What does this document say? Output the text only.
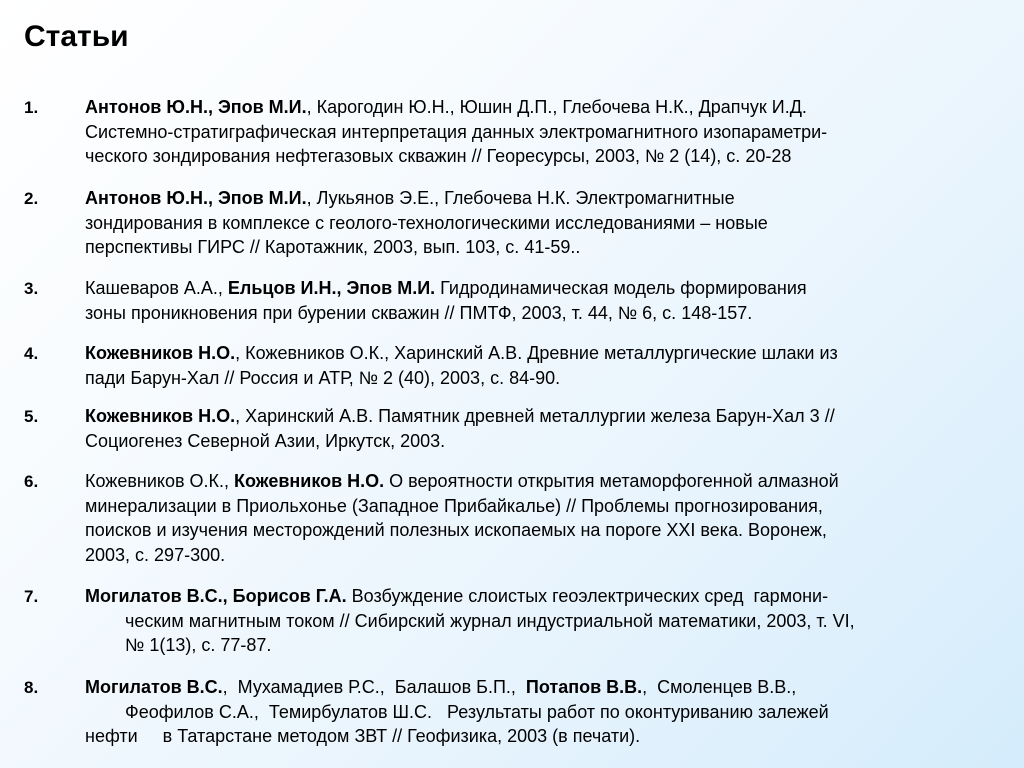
Статьи
1.	Антонов Ю.Н., Эпов М.И., Карогодин Ю.Н., Юшин Д.П., Глебочева Н.К., Драпчук И.Д.
Системно-стратиграфическая интерпретация данных электромагнитного изопараметри-
ческого зондирования нефтегазовых скважин // Георесурсы, 2003, № 2 (14), с. 20-28
2.	Антонов Ю.Н., Эпов М.И., Лукьянов Э.Е., Глебочева Н.К. Электромагнитные
зондирования в комплексе с геолого-технологическими исследованиями – новые
перспективы ГИРС // Каротажник, 2003, вып. 103, с. 41-59..
3.	Кашеваров А.А., Ельцов И.Н., Эпов М.И. Гидродинамическая модель формирования
зоны проникновения при бурении скважин // ПМТФ, 2003, т. 44, № 6, с. 148-157.
4.	Кожевников Н.О., Кожевников О.К., Харинский А.В. Древние металлургические шлаки из
пади Барун-Хал // Россия и АТР, № 2 (40), 2003, с. 84-90.
5.	Кожевников Н.О., Харинский А.В. Памятник древней металлургии железа Барун-Хал 3 //
Социогенез Северной Азии, Иркутск, 2003.
6.	Кожевников О.К., Кожевников Н.О. О вероятности открытия метаморфогенной алмазной
минерализации в Приольхонье (Западное Прибайкалье) // Проблемы прогнозирования,
поисков и изучения месторождений полезных ископаемых на пороге XXI века. Воронеж,
2003, с. 297-300.
7.	Могилатов В.С., Борисов Г.А. Возбуждение слоистых геоэлектрических сред  гармони-
ческим магнитным током // Сибирский журнал индустриальной математики, 2003, т. VI,
№ 1(13), с. 77-87.
8.	Могилатов В.С.,  Мухамадиев Р.С.,  Балашов Б.П.,  Потапов В.В.,  Смоленцев В.В.,
Феофилов С.А.,  Темирбулатов Ш.С.   Результаты работ по оконтуриванию залежей
нефти     в Татарстане методом ЗВТ // Геофизика, 2003 (в печати).
